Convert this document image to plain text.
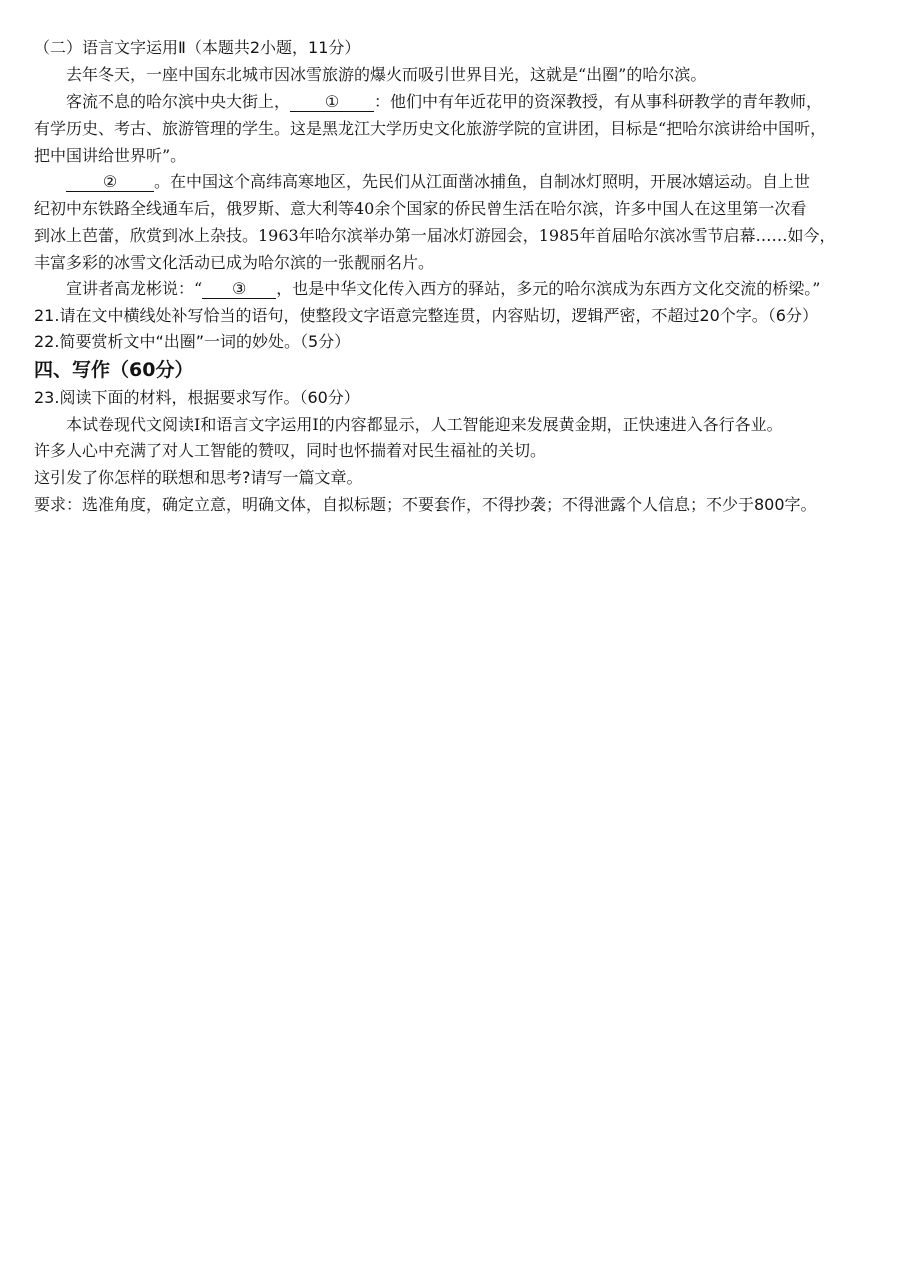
（二）语言文字运用Ⅱ（本题共2小题，11分）
去年冬天，一座中国东北城市因冰雪旅游的爆火而吸引世界目光，这就是“出圈”的哈尔滨。
客流不息的哈尔滨中央大街上， ① ：他们中有年近花甲的资深教授，有从事科研教学的青年教师，
有学历史、考古、旅游管理的学生。这是黑龙江大学历史文化旅游学院的宣讲团，目标是“把哈尔滨讲给中国听，
把中国讲给世界听”。
② 。在中国这个高纬高寒地区，先民们从江面凿冰捕鱼，自制冰灯照明，开展冰嬉运动。自上世
纪初中东铁路全线通车后，俄罗斯、意大利等40余个国家的侨民曾生活在哈尔滨，许多中国人在这里第一次看
到冰上芭蕾，欣赏到冰上杂技。1963年哈尔滨举办第一届冰灯游园会，1985年首届哈尔滨冰雪节启幕……如今，
丰富多彩的冰雪文化活动已成为哈尔滨的一张靓丽名片。
宣讲者高龙彬说：“ ③ ，也是中华文化传入西方的驿站，多元的哈尔滨成为东西方文化交流的桥梁。”
21.请在文中横线处补写恰当的语句，使整段文字语意完整连贯，内容贴切，逻辑严密，不超过20个字。（6分）
22.简要赏析文中“出圈”一词的妙处。（5分）
四、写作（60分）
23.阅读下面的材料，根据要求写作。（60分）
本试卷现代文阅读Ⅰ和语言文字运用Ⅰ的内容都显示，人工智能迎来发展黄金期，正快速进入各行各业。
许多人心中充满了对人工智能的赞叹，同时也怀揣着对民生福祉的关切。
这引发了你怎样的联想和思考?请写一篇文章。
要求：选准角度，确定立意，明确文体，自拟标题；不要套作，不得抄袭；不得泄露个人信息；不少于800字。
